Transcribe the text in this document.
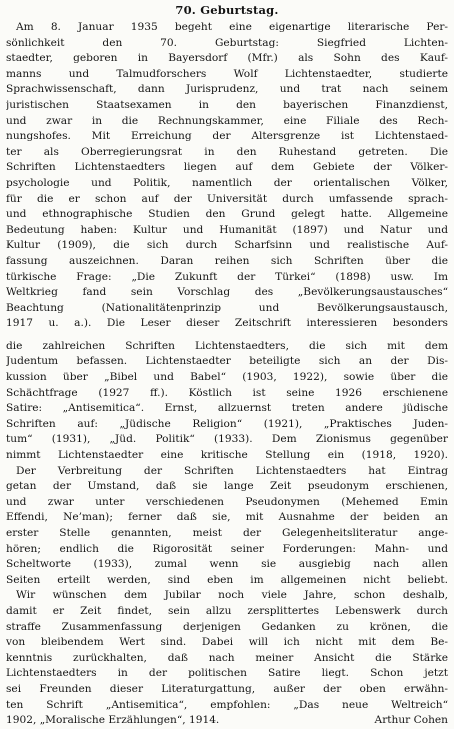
70. Geburtstag.
Am 8. Januar 1935 begeht eine eigenartige literarische Per-
sönlichkeit den 70. Geburtstag: Siegfried Lichten-
staedter, geboren in Bayersdorf (Mfr.) als Sohn des Kauf-
manns und Talmudforschers Wolf Lichtenstaedter, studierte
Sprachwissenschaft, dann Jurisprudenz, und trat nach seinem
juristischen Staatsexamen in den bayerischen Finanzdienst,
und zwar in die Rechnungskammer, eine Filiale des Rech-
nungshofes. Mit Erreichung der Altersgrenze ist Lichtenstaed-
ter als Oberregierungsrat in den Ruhestand getreten. Die
Schriften Lichtenstaedters liegen auf dem Gebiete der Völker-
psychologie und Politik, namentlich der orientalischen Völker,
für die er schon auf der Universität durch umfassende sprach-
und ethnographische Studien den Grund gelegt hatte. Allgemeine
Bedeutung haben: Kultur und Humanität (1897) und Natur und
Kultur (1909), die sich durch Scharfsinn und realistische Auf-
fassung auszeichnen. Daran reihen sich Schriften über die
türkische Frage: „Die Zukunft der Türkei“ (1898) usw. Im
Weltkrieg fand sein Vorschlag des „Bevölkerungsaustausches“
Beachtung (Nationalitätenprinzip und Bevölkerungsaustausch,
1917 u. a.). Die Leser dieser Zeitschrift interessieren besonders
die zahlreichen Schriften Lichtenstaedters, die sich mit dem
Judentum befassen. Lichtenstaedter beteiligte sich an der Dis-
kussion über „Bibel und Babel“ (1903, 1922), sowie über die
Schächtfrage (1927 ff.). Köstlich ist seine 1926 erschienene
Satire: „Antisemitica“. Ernst, allzuernst treten andere jüdische
Schriften auf: „Jüdische Religion“ (1921), „Praktisches Juden-
tum“ (1931), „Jüd. Politik“ (1933). Dem Zionismus gegenüber
nimmt Lichtenstaedter eine kritische Stellung ein (1918, 1920).
Der Verbreitung der Schriften Lichtenstaedters hat Eintrag
getan der Umstand, daß sie lange Zeit pseudonym erschienen,
und zwar unter verschiedenen Pseudonymen (Mehemed Emin
Effendi, Ne’man); ferner daß sie, mit Ausnahme der beiden an
erster Stelle genannten, meist der Gelegenheitsliteratur ange-
hören; endlich die Rigorosität seiner Forderungen: Mahn- und
Scheltworte (1933), zumal wenn sie ausgiebig nach allen
Seiten erteilt werden, sind eben im allgemeinen nicht beliebt.
Wir wünschen dem Jubilar noch viele Jahre, schon deshalb,
damit er Zeit findet, sein allzu zersplittertes Lebenswerk durch
straffe Zusammenfassung derjenigen Gedanken zu krönen, die
von bleibendem Wert sind. Dabei will ich nicht mit dem Be-
kenntnis zurückhalten, daß nach meiner Ansicht die Stärke
Lichtenstaedters in der politischen Satire liegt. Schon jetzt
sei Freunden dieser Literaturgattung, außer der oben erwähn-
ten Schrift „Antisemitica“, empfohlen: „Das neue Weltreich“
1902, „Moralische Erzählungen“, 1914.	Arthur Cohen
